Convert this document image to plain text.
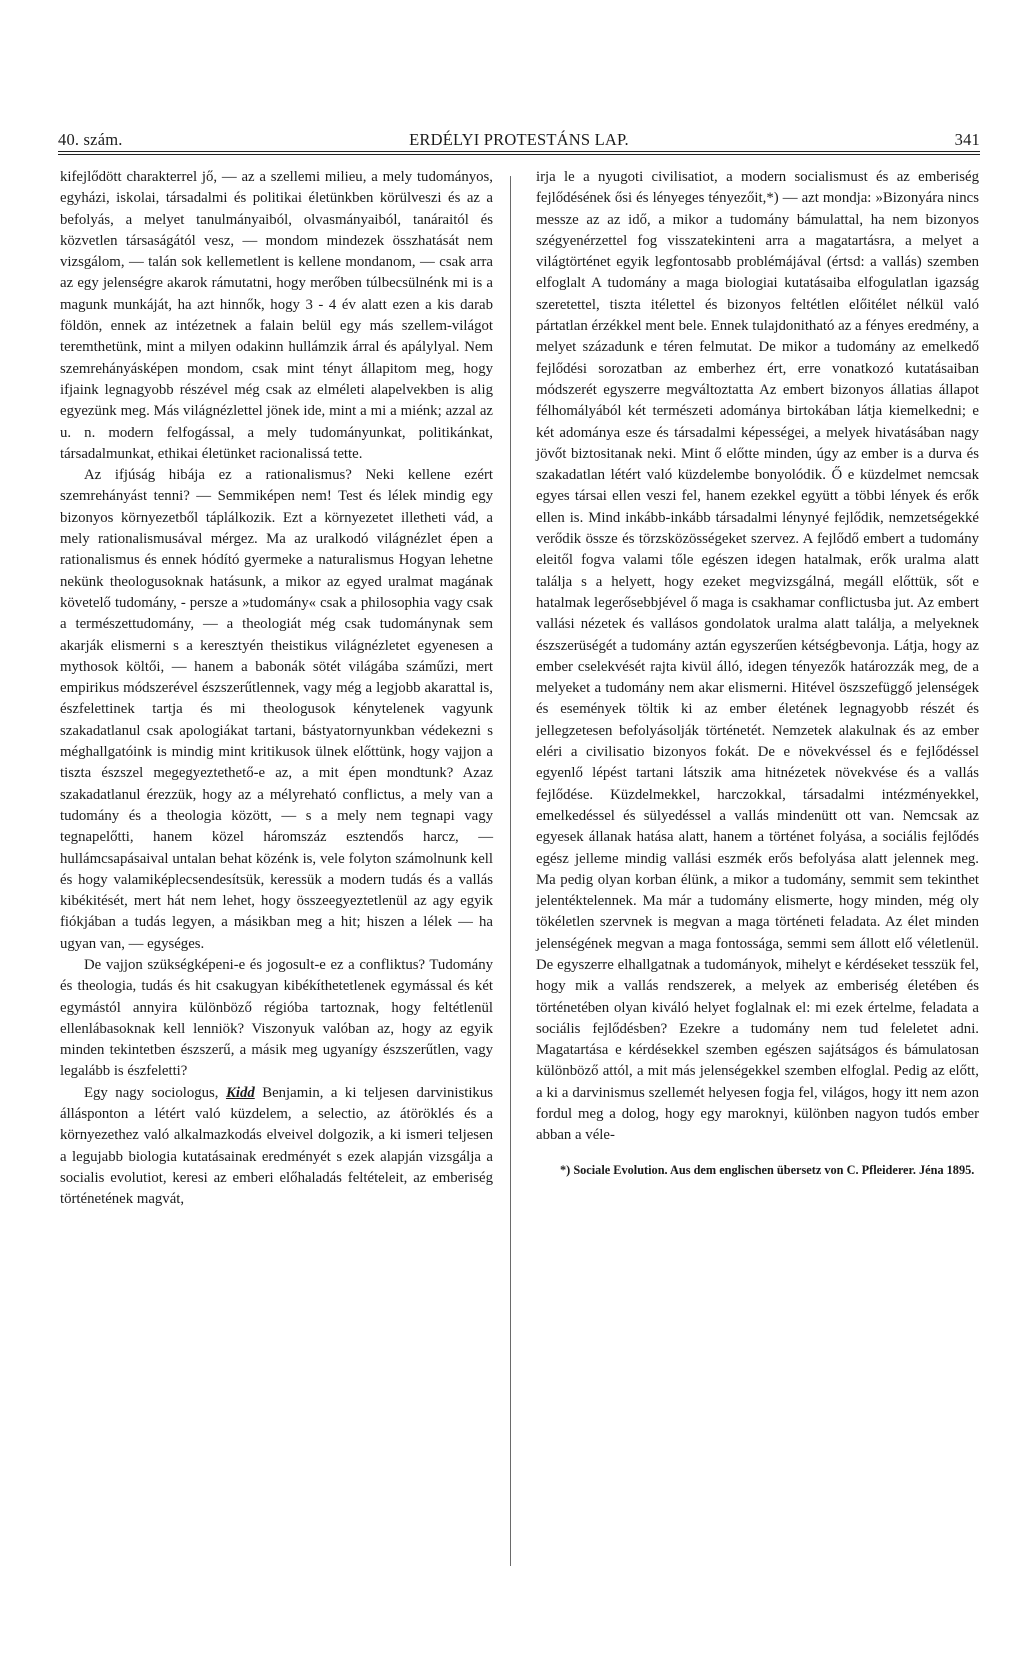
40. szám.	ERDÉLYI PROTESTÁNS LAP.	341

kifejlődött charakterrel jő, — az a szellemi milieu, a mely tudományos, egyházi, iskolai, társadalmi és politikai életünkben körülveszi és az a befolyás, a melyet tanulmányaiból, olvasmányaiból, tanáraitól és közvetlen társaságától vesz, — mondom mindezek összhatását nem vizsgálom, — talán sok kellemetlent is kellene mondanom, — csak arra az egy jelenségre akarok rámutatni, hogy merőben túlbecsülnénk mi is a magunk munkáját, ha azt hinnők, hogy 3 - 4 év alatt ezen a kis darab földön, ennek az intézetnek a falain belül egy más szellem-világot teremthetünk, mint a milyen odakinn hullámzik árral és apálylyal. Nem szemrehányásképen mondom, csak mint tényt állapitom meg, hogy ifjaink legnagyobb részével még csak az elméleti alapelvekben is alig egyezünk meg. Más világnézlettel jönek ide, mint a mi a miénk; azzal az u. n. modern felfogással, a mely tudományunkat, politikánkat, társadalmunkat, ethikai életünket racionalissá tette.

Az ifjúság hibája ez a rationalismus? Neki kellene ezért szemrehányást tenni? — Semmiképen nem! Test és lélek mindig egy bizonyos környezetből táplálkozik. Ezt a környezetet illetheti vád, a mely rationalismusával mérgez. Ma az uralkodó világnézlet épen a rationalismus és ennek hódító gyermeke a naturalismus Hogyan lehetne nekünk theologusoknak hatásunk, a mikor az egyed uralmat magának követelő tudomány, - persze a »tudomány« csak a philosophia vagy csak a természettudomány, — a theologiát még csak tudománynak sem akarják elismerni s a keresztyén theistikus világnézletet egyenesen a mythosok költői, — hanem a babonák sötét világába száműzi, mert empirikus módszerével észszerűtlennek, vagy még a legjobb akarattal is, észfelettinek tartja és mi theologusok kénytelenek vagyunk szakadatlanul csak apologiákat tartani, bástyatornyunkban védekezni s méghallgatóink is mindig mint kritikusok ülnek előttünk, hogy vajjon a tiszta észszel megegyeztethető-e az, a mit épen mondtunk? Azaz szakadatlanul érezzük, hogy az a mélyreható conflictus, a mely van a tudomány és a theologia között, — s a mely nem tegnapi vagy tegnapelőtti, hanem közel háromszáz esztendős harcz, — hullámcsapásaival untalan behat közénk is, vele folyton számolnunk kell és hogy valamiképlecsendesítsük, keressük a modern tudás és a vallás kibékitését, mert hát nem lehet, hogy összeegyeztetlenül az agy egyik fiókjában a tudás legyen, a másikban meg a hit; hiszen a lélek — ha ugyan van, — egységes.

De vajjon szükségképeni-e és jogosult-e ez a confliktus? Tudomány és theologia, tudás és hit csakugyan kibékíthetetlenek egymással és két egymástól annyira különböző régióba tartoznak, hogy feltétlenül ellenlábasoknak kell lenniök? Viszonyuk valóban az, hogy az egyik minden tekintetben észszerű, a másik meg ugyanígy észszerűtlen, vagy legalább is észfeletti?

Egy nagy sociologus, Kidd Benjamin, a ki teljesen darvinistikus állásponton a létért való küzdelem, a selectio, az átöröklés és a környezethez való alkalmazkodás elveivel dolgozik, a ki ismeri teljesen a legujabb biologia kutatásainak eredményét s ezek alapján vizsgálja a socialis evolutiot, keresi az emberi előhaladás feltételeit, az emberiség történetének magvát,

irja le a nyugoti civilisatiot, a modern socialismust és az emberiség fejlődésének ősi és lényeges tényezőit,*) — azt mondja: »Bizonyára nincs messze az az idő, a mikor a tudomány bámulattal, ha nem bizonyos szégyenérzettel fog visszatekinteni arra a magatartásra, a melyet a világtörténet egyik legfontosabb problémájával (értsd: a vallás) szemben elfoglalt A tudomány a maga biologiai kutatásaiba elfogulatlan igazság szeretettel, tiszta itélettel és bizonyos feltétlen előitélet nélkül való pártatlan érzékkel ment bele. Ennek tulajdonitható az a fényes eredmény, a melyet századunk e téren felmutat. De mikor a tudomány az emelkedő fejlődési sorozatban az emberhez ért, erre vonatkozó kutatásaiban módszerét egyszerre megváltoztatta Az embert bizonyos állatias állapot félhomályából két természeti adománya birtokában látja kiemelkedni; e két adománya esze és társadalmi képességei, a melyek hivatásában nagy jövőt biztositanak neki. Mint ő előtte minden, úgy az ember is a durva és szakadatlan létért való küzdelembe bonyolódik. Ő e küzdelmet nemcsak egyes társai ellen veszi fel, hanem ezekkel együtt a többi lények és erők ellen is. Mind inkább-inkább társadalmi lénynyé fejlődik, nemzetségekké verődik össze és törzsközösségeket szervez. A fejlődő embert a tudomány eleitől fogva valami tőle egészen idegen hatalmak, erők uralma alatt találja s a helyett, hogy ezeket megvizsgálná, megáll előttük, sőt e hatalmak legerősebbjével ő maga is csakhamar conflictusba jut. Az embert vallási nézetek és vallásos gondolatok uralma alatt találja, a melyeknek észszerüségét a tudomány aztán egyszerűen kétségbevonja. Látja, hogy az ember cselekvését rajta kivül álló, idegen tényezők határozzák meg, de a melyeket a tudomány nem akar elismerni. Hitével öszszefüggő jelenségek és események töltik ki az ember életének legnagyobb részét és jellegzetesen befolyásolják történetét. Nemzetek alakulnak és az ember eléri a civilisatio bizonyos fokát. De e növekvéssel és e fejlődéssel egyenlő lépést tartani látszik ama hitnézetek növekvése és a vallás fejlődése. Küzdelmekkel, harczokkal, társadalmi intézményekkel, emelkedéssel és sülyedéssel a vallás mindenütt ott van. Nemcsak az egyesek állanak hatása alatt, hanem a történet folyása, a sociális fejlődés egész jelleme mindig vallási eszmék erős befolyása alatt jelennek meg. Ma pedig olyan korban élünk, a mikor a tudomány, semmit sem tekinthet jelentéktelennek. Ma már a tudomány elismerte, hogy minden, még oly tökéletlen szervnek is megvan a maga történeti feladata. Az élet minden jelenségének megvan a maga fontossága, semmi sem állott elő véletlenül. De egyszerre elhallgatnak a tudományok, mihelyt e kérdéseket tesszük fel, hogy mik a vallás rendszerek, a melyek az emberiség életében és történetében olyan kiváló helyet foglalnak el: mi ezek értelme, feladata a sociális fejlődésben? Ezekre a tudomány nem tud feleletet adni. Magatartása e kérdésekkel szemben egészen sajátságos és bámulatosan különböző attól, a mit más jelenségekkel szemben elfoglal. Pedig az előtt, a ki a darvinismus szellemét helyesen fogja fel, világos, hogy itt nem azon fordul meg a dolog, hogy egy maroknyi, különben nagyon tudós ember abban a véle-

*) Sociale Evolution. Aus dem englischen übersetz von C. Pfleiderer. Jéna 1895.
